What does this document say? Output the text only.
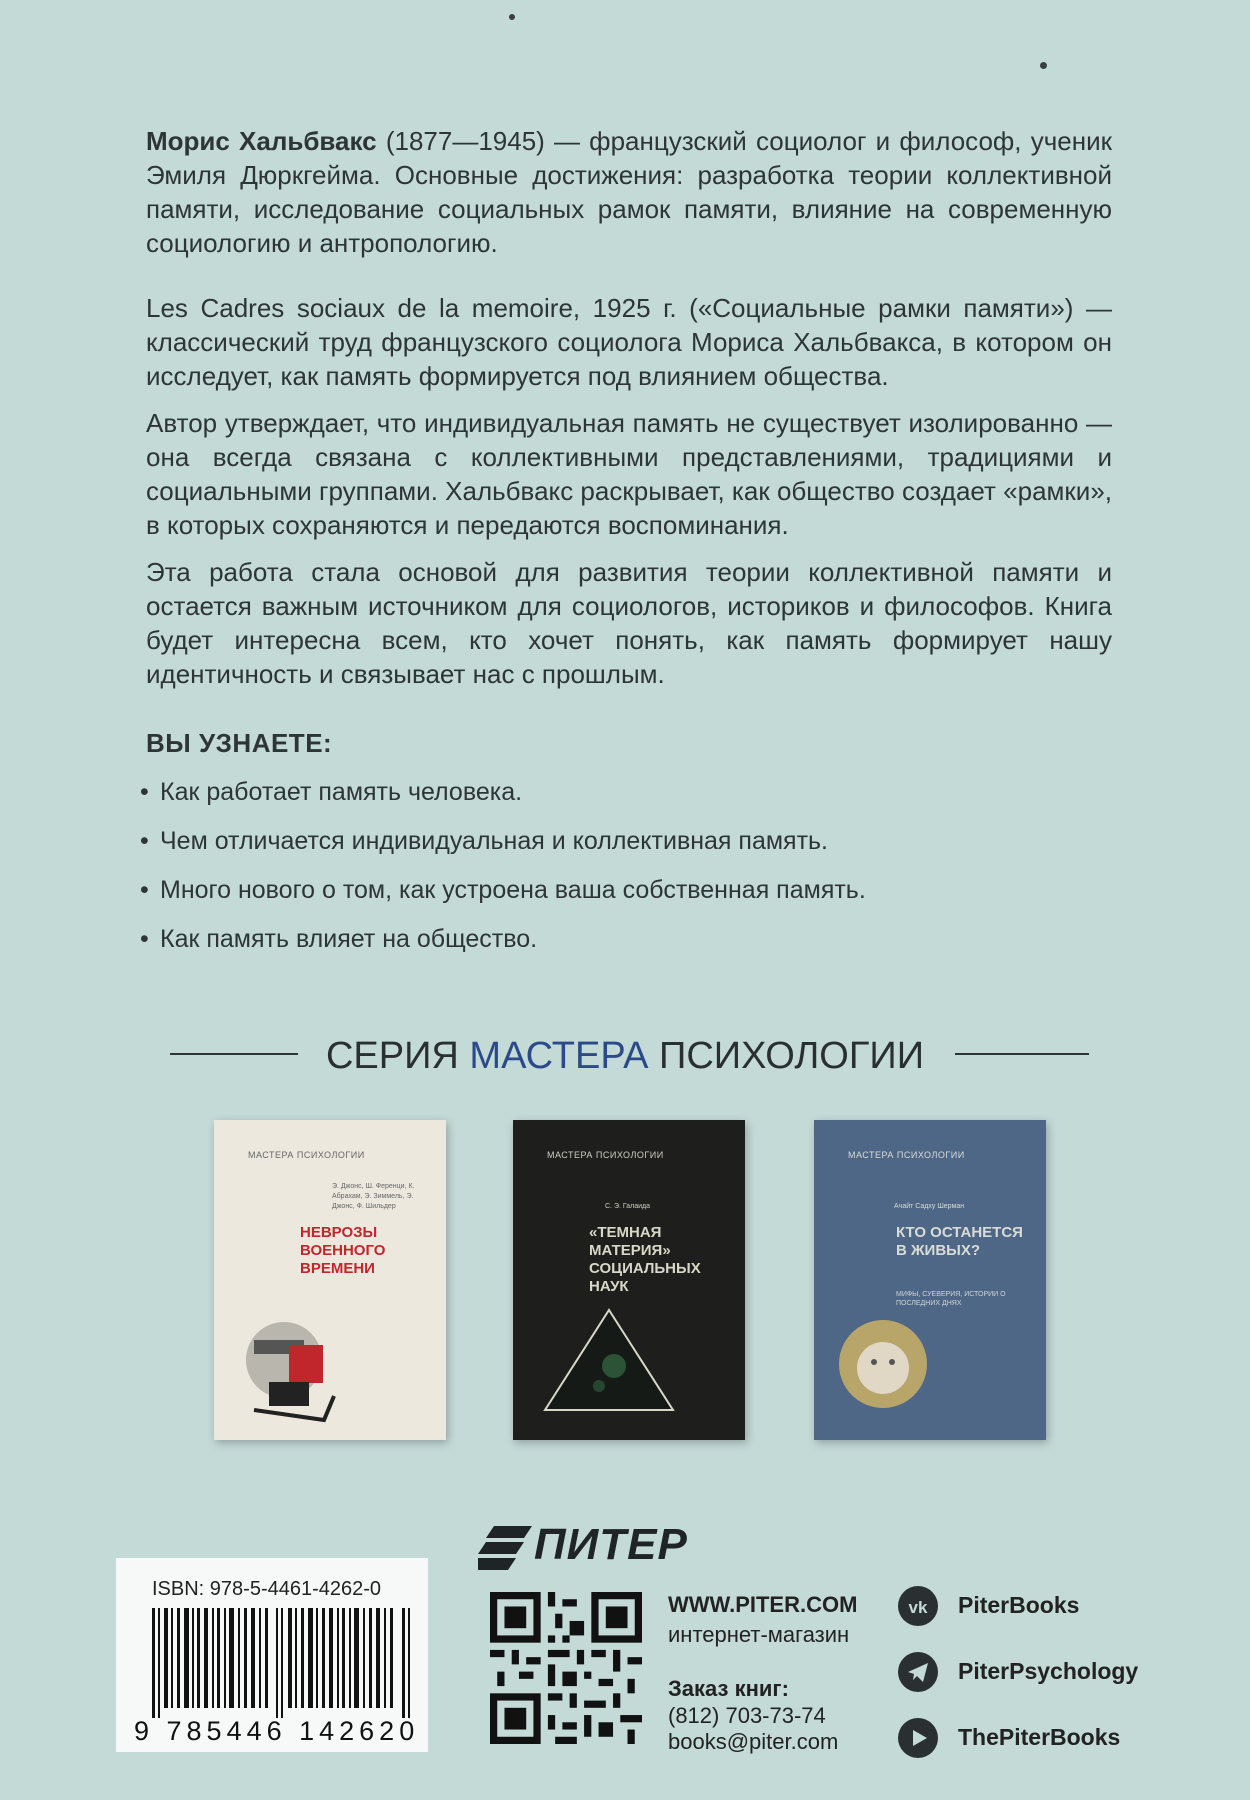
Морис Хальбвакс (1877—1945) — французский социолог и философ, ученик Эмиля Дюркгейма. Основные достижения: разработка теории коллективной памяти, исследование социальных рамок памяти, влияние на современную социологию и антропологию.

Les Cadres sociaux de la memoire, 1925 г. («Социальные рамки памяти») — классический труд французского социолога Мориса Хальбвакса, в котором он исследует, как память формируется под влиянием общества.

Автор утверждает, что индивидуальная память не существует изолированно — она всегда связана с коллективными представлениями, традициями и социальными группами. Хальбвакс раскрывает, как общество создает «рамки», в которых сохраняются и передаются воспоминания.

Эта работа стала основой для развития теории коллективной памяти и остается важным источником для социологов, историков и философов. Книга будет интересна всем, кто хочет понять, как память формирует нашу идентичность и связывает нас с прошлым.

ВЫ УЗНАЕТЕ:
• Как работает память человека.
• Чем отличается индивидуальная и коллективная память.
• Много нового о том, как устроена ваша собственная память.
• Как память влияет на общество.
СЕРИЯ МАСТЕРА ПСИХОЛОГИИ
МАСТЕРА ПСИХОЛОГИИ
Э. Джонс, Ш. Ференци, К. Абрахам, Э. Зиммель, Э. Джонс, Ф. Шильдер
НЕВРОЗЫ ВОЕННОГО ВРЕМЕНИ
МАСТЕРА ПСИХОЛОГИИ
С. Э. Галаида
«ТЕМНАЯ МАТЕРИЯ» СОЦИАЛЬНЫХ НАУК
МАСТЕРА ПСИХОЛОГИИ
Ачайт Садху Шерман
КТО ОСТАНЕТСЯ В ЖИВЫХ?
МИФЫ, СУЕВЕРИЯ, ИСТОРИИ О ПОСЛЕДНИХ ДНЯХ
ПИТЕР
ISBN: 978-5-4461-4262-0
9 785446 142620
WWW.PITER.COM
интернет-магазин
Заказ книг:
(812) 703-73-74
books@piter.com
vk PiterBooks
PiterPsychology
ThePiterBooks
